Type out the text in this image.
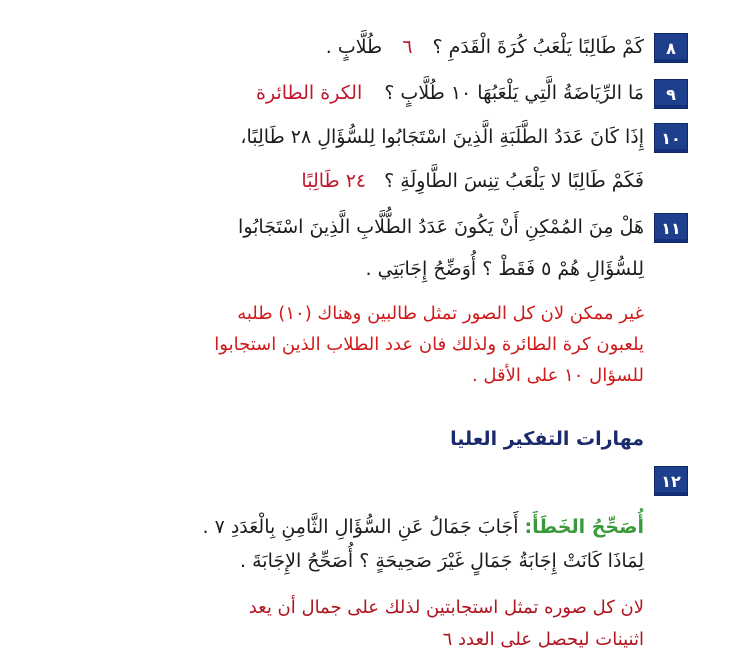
٨
كَمْ طَالِبًا يَلْعَبُ كُرَةَ الْقَدَمِ ؟ ٦ طُلَّابٍ .
٩
مَا الرِّيَاضَةُ الَّتِي يَلْعَبُهَا ١٠ طُلَّابٍ ؟ الكرة الطائرة
١٠
إِذَا كَانَ عَدَدُ الطَّلَبَةِ الَّذِينَ اسْتَجَابُوا لِلسُّؤَالِ ٢٨ طَالِبًا،
فَكَمْ طَالِبًا لا يَلْعَبُ تِنِسَ الطَّاوِلَةِ ؟ ٢٤ طَالِبًا
١١
هَلْ مِنَ المُمْكِنِ أَنْ يَكُونَ عَدَدُ الطُّلَّابِ الَّذِينَ اسْتَجَابُوا
لِلسُّؤَالِ هُمْ ٥ فَقَطْ ؟ أُوَضِّحُ إِجَابَتِي .
غير ممكن لان كل الصور تمثل طالبين وهناك (١٠) طلبه
يلعبون كرة الطائرة ولذلك فان عدد الطلاب الذين استجابوا
للسؤال ١٠ على الأقل .
مهارات التفكير العليا
١٢
أُصَحِّحُ الخَطَأَ: أَجَابَ جَمَالُ عَنِ السُّؤَالِ الثَّامِنِ بِالْعَدَدِ ٧ .
لِمَاذَا كَانَتْ إِجَابَةُ جَمَالٍ غَيْرَ صَحِيحَةٍ ؟ أُصَحِّحُ الإِجَابَةَ .
لان كل صوره تمثل استجابتين لذلك على جمال أن يعد
اثنينات ليحصل على العدد ٦
